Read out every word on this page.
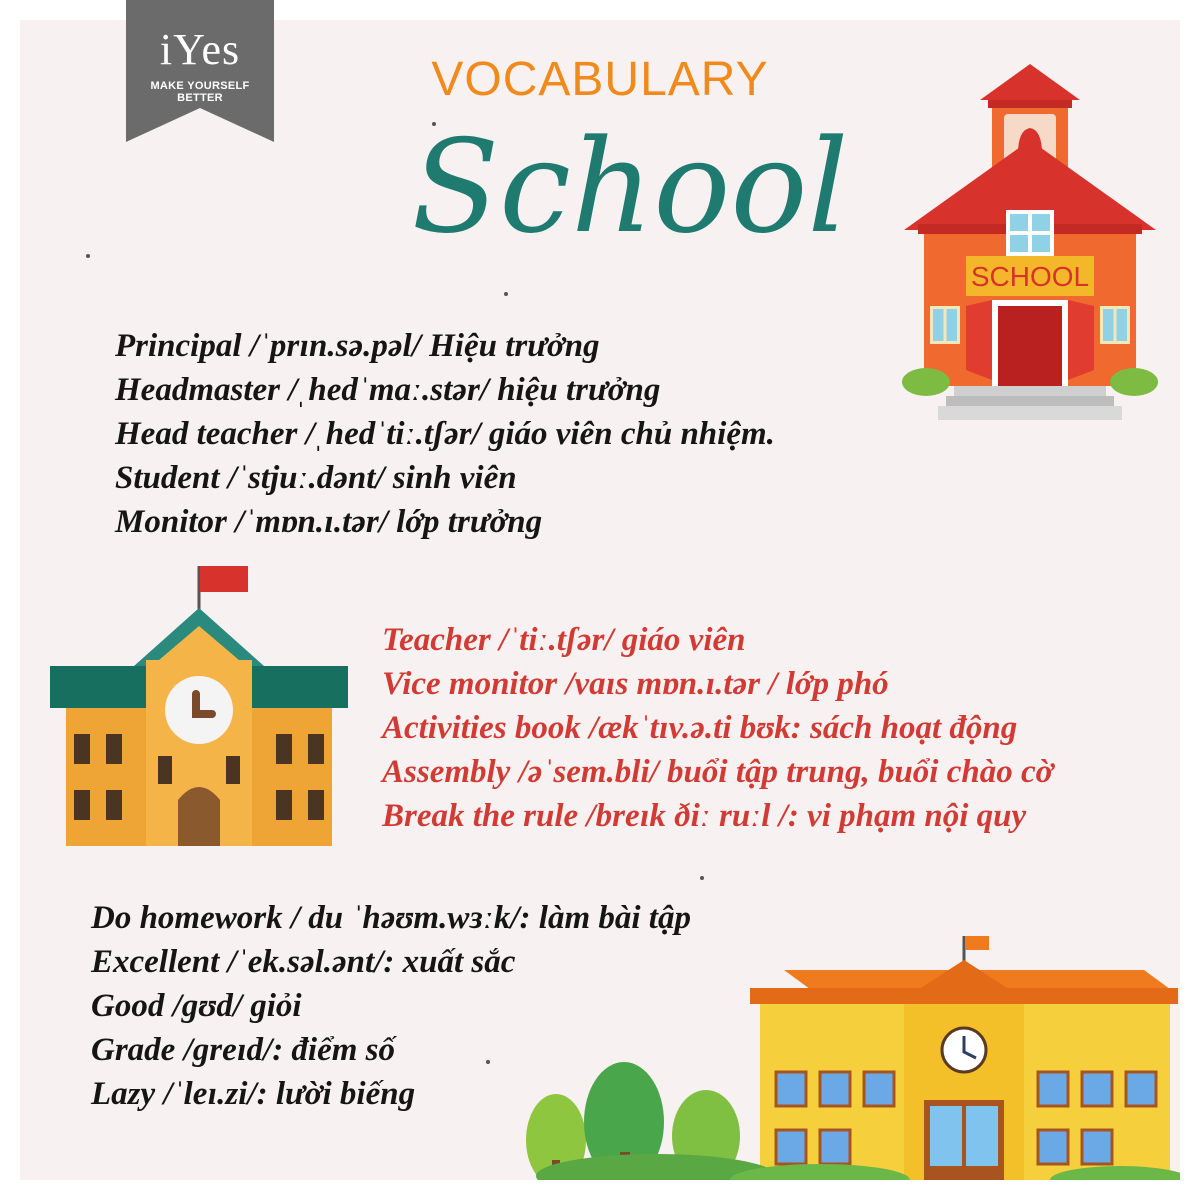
iYes
MAKE YOURSELF BETTER	VOCABULARY
School
SCHOOL
Principal /ˈprɪn.sə.pəl/ Hiệu trưởng
Headmaster /ˌhedˈmaː.stər/ hiệu trưởng
Head teacher /ˌhedˈtiː.tʃər/ giáo viên chủ nhiệm.
Student /ˈstjuː.dənt/ sinh viên
Monitor /ˈmɒn.ɪ.tər/ lớp trưởng
Teacher /ˈtiː.tʃər/ giáo viên
Vice monitor /vaɪs mɒn.ɪ.tər / lớp phó
Activities book /ækˈtɪv.ə.ti bʊk: sách hoạt động
Assembly /əˈsem.bli/ buổi tập trung, buổi chào cờ
Break the rule /breɪk ðiː ruːl /: vi phạm nội quy
Do homework / du ˈhəʊm.wɜːk/: làm bài tập
Excellent /ˈek.səl.ənt/: xuất sắc
Good /gʊd/ giỏi
Grade /greɪd/: điểm số
Lazy /ˈleɪ.zi/: lười biếng
